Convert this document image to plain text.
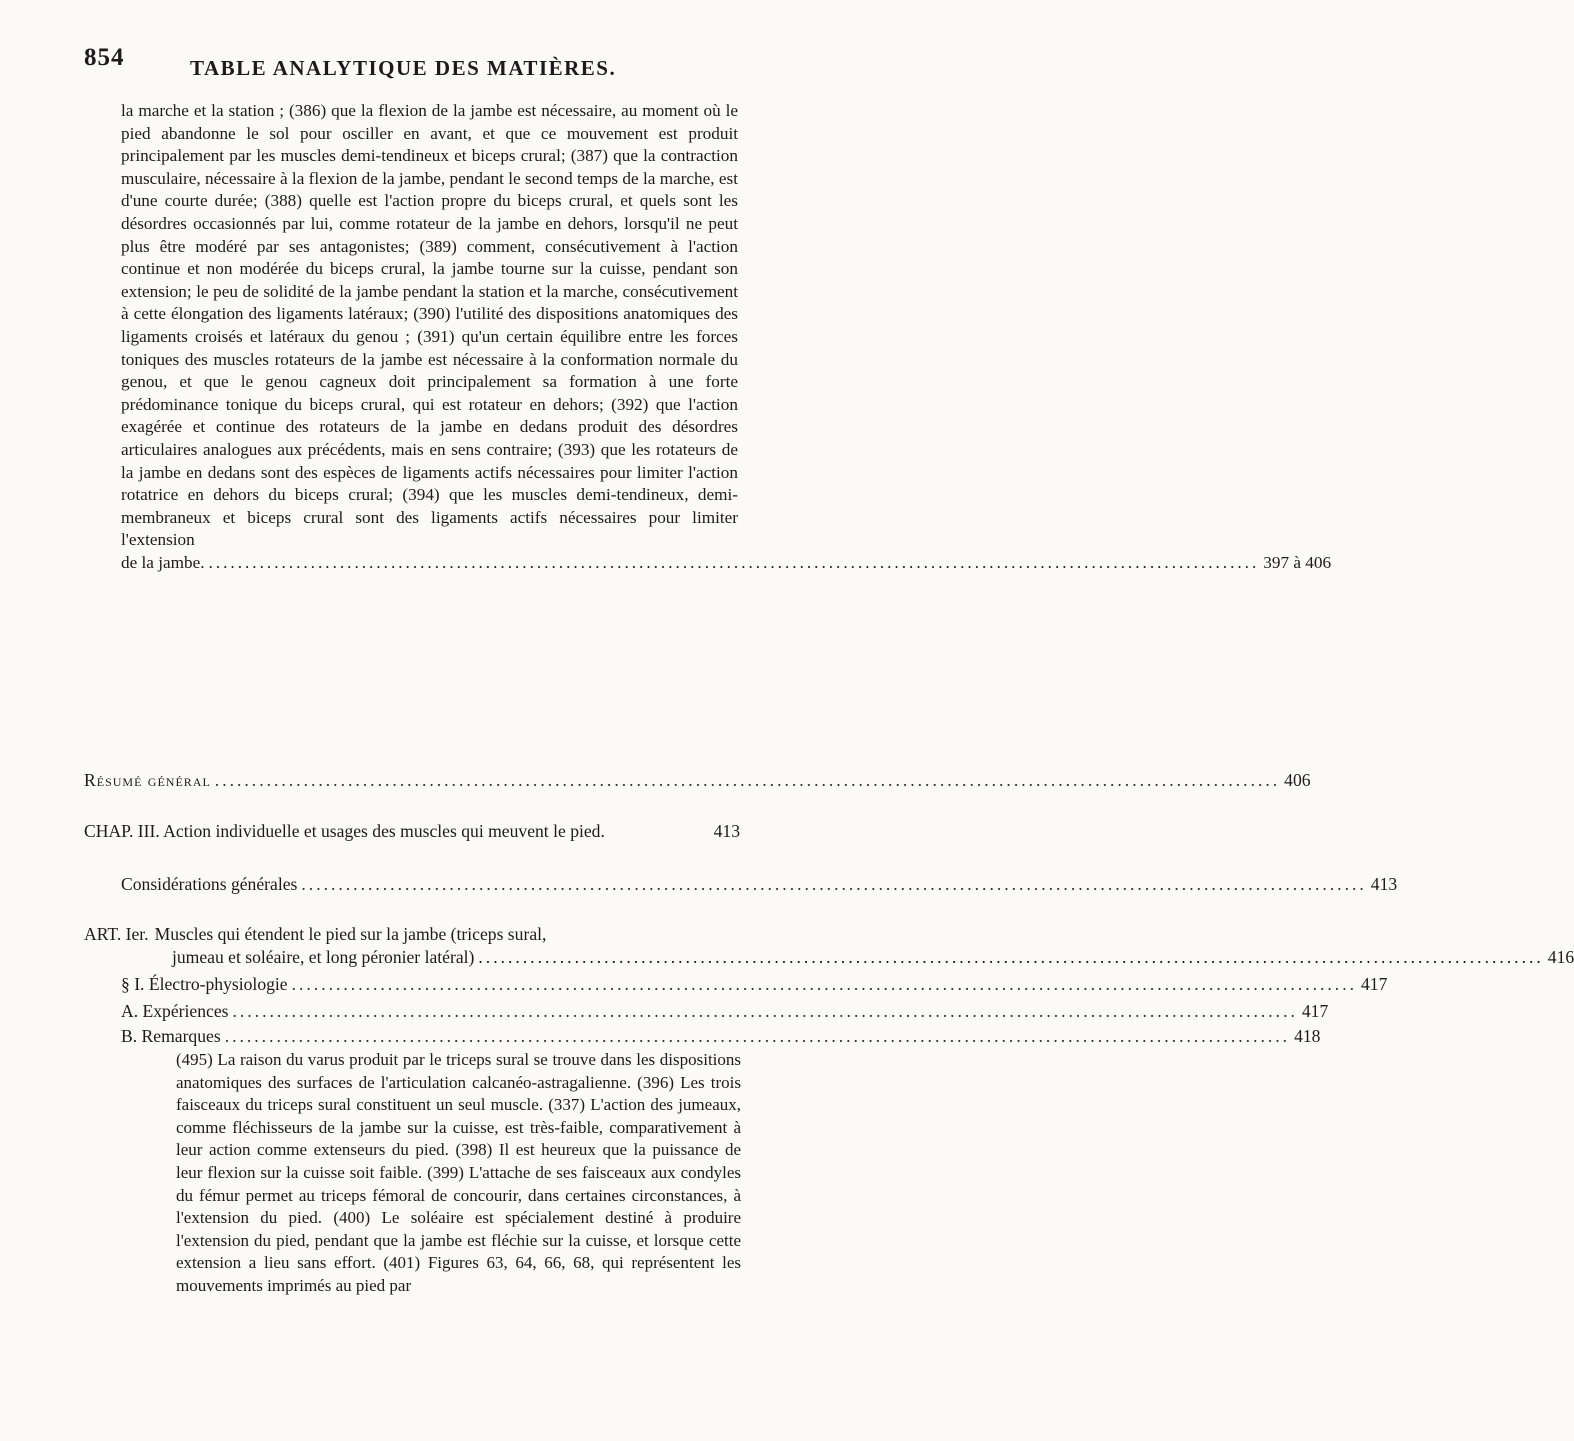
854	TABLE ANALYTIQUE DES MATIÈRES.
la marche et la station ; (386) que la flexion de la jambe est nécessaire, au moment où le pied abandonne le sol pour osciller en avant, et que ce mouvement est produit principalement par les muscles demi-tendineux et biceps crural; (387) que la contraction musculaire, nécessaire à la flexion de la jambe, pendant le second temps de la marche, est d'une courte durée; (388) quelle est l'action propre du biceps crural, et quels sont les désordres occasionnés par lui, comme rotateur de la jambe en dehors, lorsqu'il ne peut plus être modéré par ses antagonistes; (389) comment, consécutivement à l'action continue et non modérée du biceps crural, la jambe tourne sur la cuisse, pendant son extension; le peu de solidité de la jambe pendant la station et la marche, consécutivement à cette élongation des ligaments latéraux; (390) l'utilité des dispositions anatomiques des ligaments croisés et latéraux du genou ; (391) qu'un certain équilibre entre les forces toniques des muscles rotateurs de la jambe est nécessaire à la conformation normale du genou, et que le genou cagneux doit principalement sa formation à une forte prédominance tonique du biceps crural, qui est rotateur en dehors; (392) que l'action exagérée et continue des rotateurs de la jambe en dedans produit des désordres articulaires analogues aux précédents, mais en sens contraire; (393) que les rotateurs de la jambe en dedans sont des espèces de ligaments actifs nécessaires pour limiter l'action rotatrice en dehors du biceps crural; (394) que les muscles demi-tendineux, demi-membraneux et biceps crural sont des ligaments actifs nécessaires pour limiter l'extension
de la jambe. ................................................................................................................................................ 397 à 406
Résumé général ................................................................................................................................................ 406
CHAP. III. Action individuelle et usages des muscles qui meuvent le pied.	413
Considérations générales ................................................................................................................................................ 413
ART. Ier. Muscles qui étendent le pied sur la jambe (triceps sural,
jumeau et soléaire, et long péronier latéral) ................................................................................................................................................ 416
§ I. Électro-physiologie ................................................................................................................................................ 417
A. Expériences ................................................................................................................................................ 417
B. Remarques ................................................................................................................................................ 418
(495) La raison du varus produit par le triceps sural se trouve dans les dispositions anatomiques des surfaces de l'articulation calcanéo-astragalienne. (396) Les trois faisceaux du triceps sural constituent un seul muscle. (337) L'action des jumeaux, comme fléchisseurs de la jambe sur la cuisse, est très-faible, comparativement à leur action comme extenseurs du pied. (398) Il est heureux que la puissance de leur flexion sur la cuisse soit faible. (399) L'attache de ses faisceaux aux condyles du fémur permet au triceps fémoral de concourir, dans certaines circonstances, à l'extension du pied. (400) Le soléaire est spécialement destiné à produire l'extension du pied, pendant que la jambe est fléchie sur la cuisse, et lorsque cette extension a lieu sans effort. (401) Figures 63, 64, 66, 68, qui représentent les mouvements imprimés au pied par
